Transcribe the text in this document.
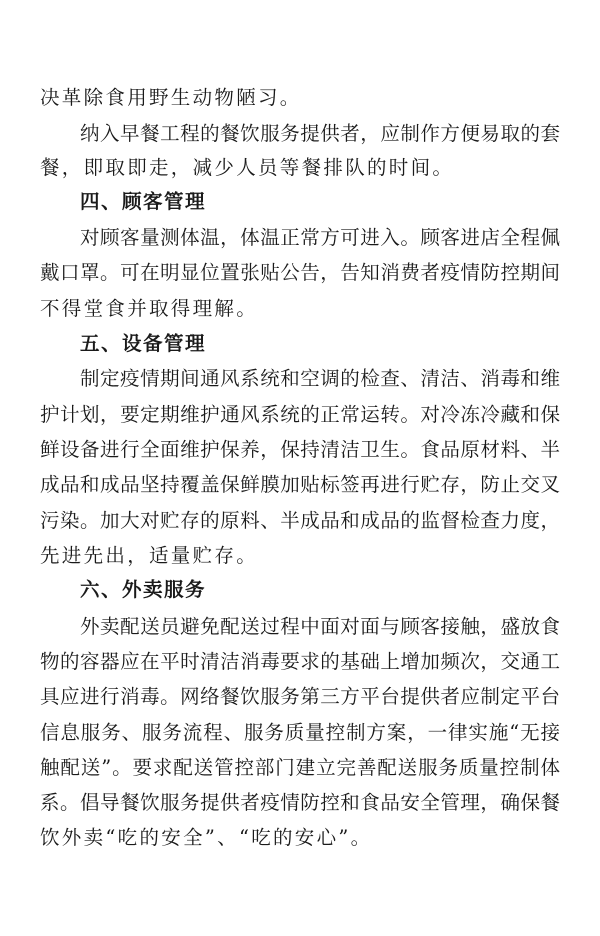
决革除食用野生动物陋习。
纳入早餐工程的餐饮服务提供者，应制作方便易取的套
餐，即取即走，减少人员等餐排队的时间。
四、顾客管理
对顾客量测体温，体温正常方可进入。顾客进店全程佩
戴口罩。可在明显位置张贴公告，告知消费者疫情防控期间
不得堂食并取得理解。
五、设备管理
制定疫情期间通风系统和空调的检查、清洁、消毒和维
护计划，要定期维护通风系统的正常运转。对冷冻冷藏和保
鲜设备进行全面维护保养，保持清洁卫生。食品原材料、半
成品和成品坚持覆盖保鲜膜加贴标签再进行贮存，防止交叉
污染。加大对贮存的原料、半成品和成品的监督检查力度，
先进先出，适量贮存。
六、外卖服务
外卖配送员避免配送过程中面对面与顾客接触，盛放食
物的容器应在平时清洁消毒要求的基础上增加频次，交通工
具应进行消毒。网络餐饮服务第三方平台提供者应制定平台
信息服务、服务流程、服务质量控制方案，一律实施“无接
触配送”。要求配送管控部门建立完善配送服务质量控制体
系。倡导餐饮服务提供者疫情防控和食品安全管理，确保餐
饮外卖“吃的安全”、“吃的安心”。
